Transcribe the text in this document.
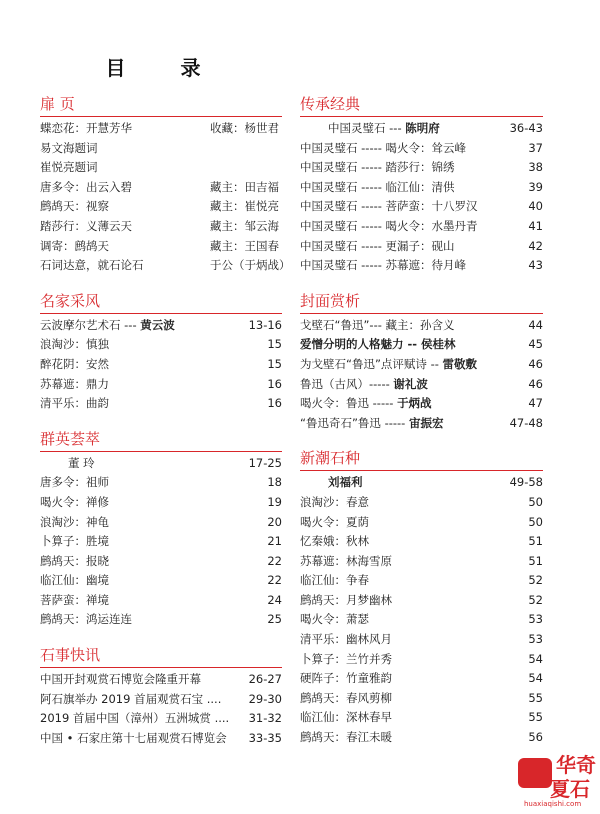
目 录
扉 页
蝶恋花：开慧芳华	收藏：杨世君
易文海题词
崔悦亮题词
唐多令：出云入碧	藏主：田吉福
鹧鸪天：视察	藏主：崔悦亮
踏莎行：义薄云天	藏主：邹云海
调寄：鹧鸪天	藏主：王国春
石词达意，就石论石	于公（于炳战）
名家采风
云波摩尔艺术石 --- 黄云波	13-16
浪淘沙：慎独	15
醉花阴：安然	15
苏幕遮：鼎力	16
清平乐：曲韵	16
群英荟萃
董 玲	17-25
唐多令：祖师	18
喝火令：禅修	19
浪淘沙：神龟	20
卜算子：胜境	21
鹧鸪天：报晓	22
临江仙：幽境	22
菩萨蛮：禅境	24
鹧鸪天：鸿运连连	25
石事快讯
中国开封观赏石博览会隆重开幕	26-27
阿石旗举办 2019 首届观赏石宝 .... 29-30
2019 首届中国（漳州）五洲城赏 .... 31-32
中国 • 石家庄第十七届观赏石博览会 33-35
传承经典
中国灵璧石 --- 陈明府	36-43
中国灵璧石 ----- 喝火令：耸云峰	37
中国灵璧石 ----- 踏莎行：锦绣	38
中国灵璧石 ----- 临江仙：清供	39
中国灵璧石 ----- 菩萨蛮：十八罗汉	40
中国灵璧石 ----- 喝火令：水墨丹青	41
中国灵璧石 ----- 更漏子：砚山	42
中国灵璧石 ----- 苏幕遮：待月峰	43
封面赏析
戈壁石“鲁迅”--- 藏主：孙含义	44
爱憎分明的人格魅力 -- 侯桂林	45
为戈壁石“鲁迅”点评赋诗 -- 雷敬敷	46
鲁迅（古风）----- 谢礼波	46
喝火令：鲁迅 ----- 于炳战	47
“鲁迅奇石”鲁迅 ----- 宙振宏	47-48
新潮石种
刘福利	49-58
浪淘沙：春意	50
喝火令：夏荫	50
忆秦娥：秋林	51
苏幕遮：林海雪原	51
临江仙：争春	52
鹧鸪天：月梦幽林	52
喝火令：萧瑟	53
清平乐：幽林风月	53
卜算子：兰竹并秀	54
硬阵子：竹童雅韵	54
鹧鸪天：春风剪柳	55
临江仙：深林春早	55
鹧鸪天：春江未暖	56
华奇
夏石
huaxiaqishi.com
